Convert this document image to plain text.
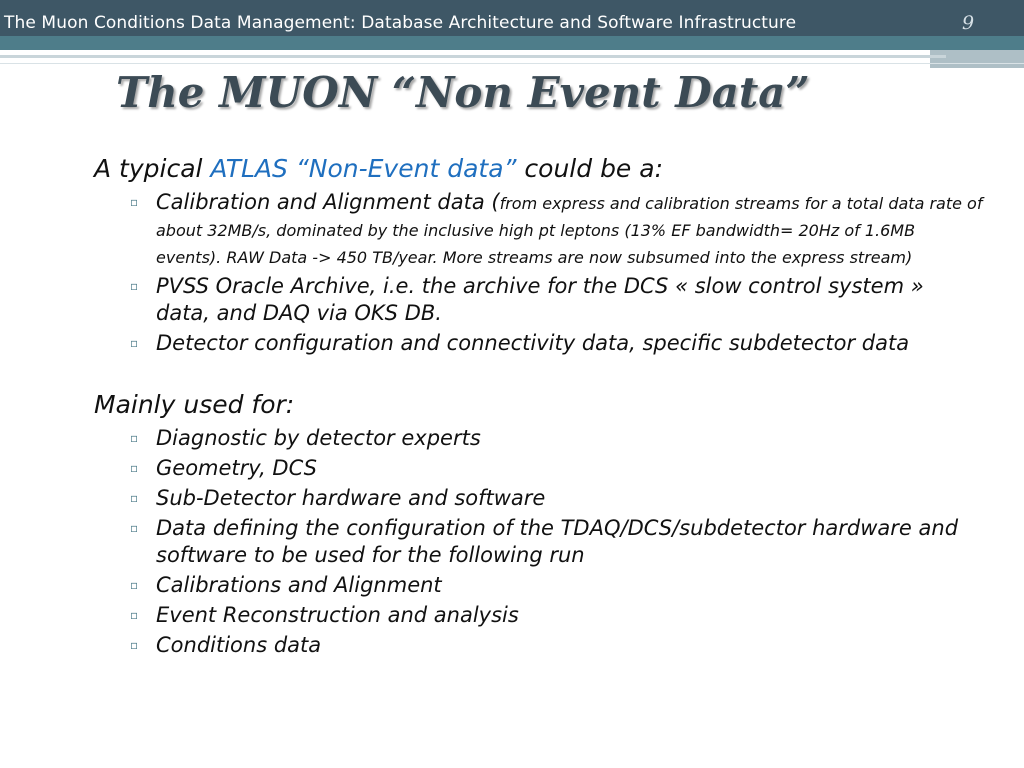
The Muon Conditions Data Management: Database Architecture and Software Infrastructure	9
The MUON “Non Event Data”
A typical ATLAS “Non-Event data” could be a:
▫ Calibration and Alignment data (from express and calibration streams for a total data rate of about 32MB/s, dominated by the inclusive high pt leptons (13% EF bandwidth= 20Hz of 1.6MB events). RAW Data -> 450 TB/year. More streams are now subsumed into the express stream)
▫ PVSS Oracle Archive, i.e. the archive for the DCS « slow control system » data, and DAQ via OKS DB.
▫ Detector configuration and connectivity data, specific subdetector data
Mainly used for:
▫ Diagnostic by detector experts
▫ Geometry, DCS
▫ Sub-Detector hardware and software
▫ Data defining the configuration of the TDAQ/DCS/subdetector hardware and software to be used for the following run
▫ Calibrations and Alignment
▫ Event Reconstruction and analysis
▫ Conditions data
